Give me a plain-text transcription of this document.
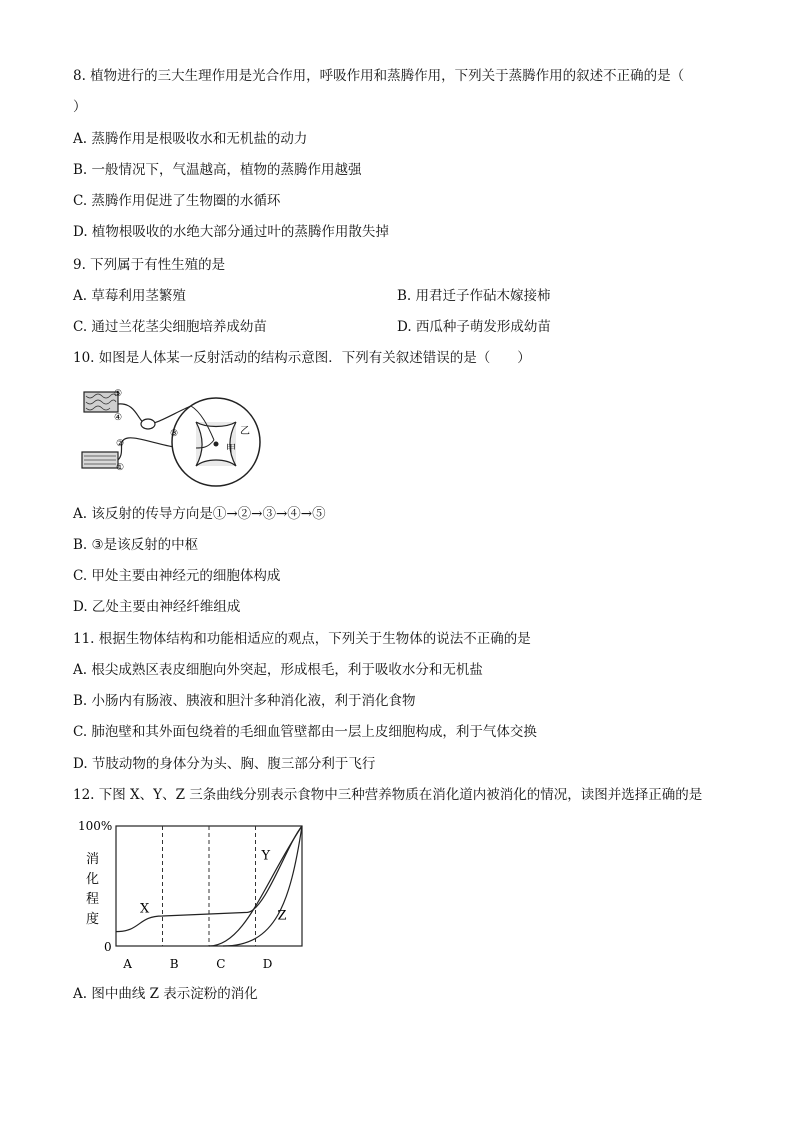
8. 植物进行的三大生理作用是光合作用，呼吸作用和蒸腾作用，下列关于蒸腾作用的叙述不正确的是（
）
A. 蒸腾作用是根吸收水和无机盐的动力
B. 一般情况下，气温越高，植物的蒸腾作用越强
C. 蒸腾作用促进了生物圈的水循环
D. 植物根吸收的水绝大部分通过叶的蒸腾作用散失掉
9. 下列属于有性生殖的是
A. 草莓利用茎繁殖	B. 用君迁子作砧木嫁接柿
C. 通过兰花茎尖细胞培养成幼苗	D. 西瓜种子萌发形成幼苗
10. 如图是人体某一反射活动的结构示意图．下列有关叙述错误的是（　　）
⑤
④
③
②
①
甲
乙
A. 该反射的传导方向是①→②→③→④→⑤
B. ③是该反射的中枢
C. 甲处主要由神经元的细胞体构成
D. 乙处主要由神经纤维组成
11. 根据生物体结构和功能相适应的观点，下列关于生物体的说法不正确的是
A. 根尖成熟区表皮细胞向外突起，形成根毛，利于吸收水分和无机盐
B. 小肠内有肠液、胰液和胆汁多种消化液，利于消化食物
C. 肺泡壁和其外面包绕着的毛细血管壁都由一层上皮细胞构成，利于气体交换
D. 节肢动物的身体分为头、胸、腹三部分利于飞行
12. 下图 X、Y、Z 三条曲线分别表示食物中三种营养物质在消化道内被消化的情况，读图并选择正确的是
100%
0
消
化
程
度
X
Y
Z
A	B	C	D
A. 图中曲线 Z 表示淀粉的消化
